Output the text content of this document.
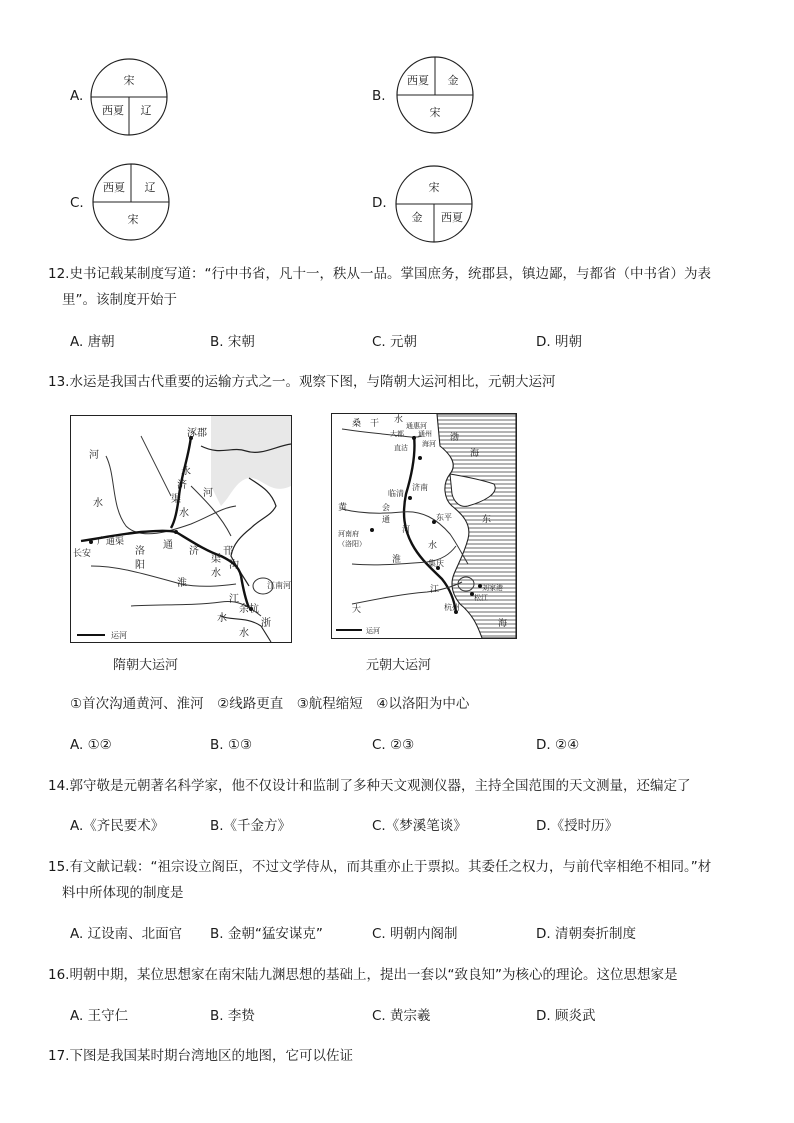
A.
宋
西夏 辽
B.
西夏 金
宋
C.
西夏 辽
宋
D.
宋
金 西夏
12.史书记载某制度写道：“行中书省，凡十一，秩从一品。掌国庶务，统郡县，镇边鄙，与都省（中书省）为表
里”。该制度开始于
A. 唐朝	B. 宋朝	C. 元朝	D. 明朝
13.水运是我国古代重要的运输方式之一。观察下图，与隋朝大运河相比，元朝大运河
涿郡
河
水
永
济
渠
水
河
通
济
渠
洛
阳
长安
广通渠
淮
水
邗
沟
江
余杭
江南河
浙
水
水
运河
隋朝大运河
桑 干 水
通惠河
大都 通州
海河
直沽
渤
海
临清
济南
东平
会
通
河
黄
河南府
（洛阳）
东
水
淮	集庆
江
大
刘家港
松江
杭州
海
运河
元朝大运河
①首次沟通黄河、淮河　②线路更直　③航程缩短　④以洛阳为中心
A. ①②	B. ①③	C. ②③	D. ②④
14.郭守敬是元朝著名科学家，他不仅设计和监制了多种天文观测仪器，主持全国范围的天文测量，还编定了
A.《齐民要术》	B.《千金方》	C.《梦溪笔谈》	D.《授时历》
15.有文献记载：“祖宗设立阁臣，不过文学侍从，而其重亦止于票拟。其委任之权力，与前代宰相绝不相同。”材
料中所体现的制度是
A. 辽设南、北面官 B. 金朝“猛安谋克”	C. 明朝内阁制	D. 清朝奏折制度
16.明朝中期，某位思想家在南宋陆九渊思想的基础上，提出一套以“致良知”为核心的理论。这位思想家是
A. 王守仁	B. 李贽	C. 黄宗羲	D. 顾炎武
17.下图是我国某时期台湾地区的地图，它可以佐证
